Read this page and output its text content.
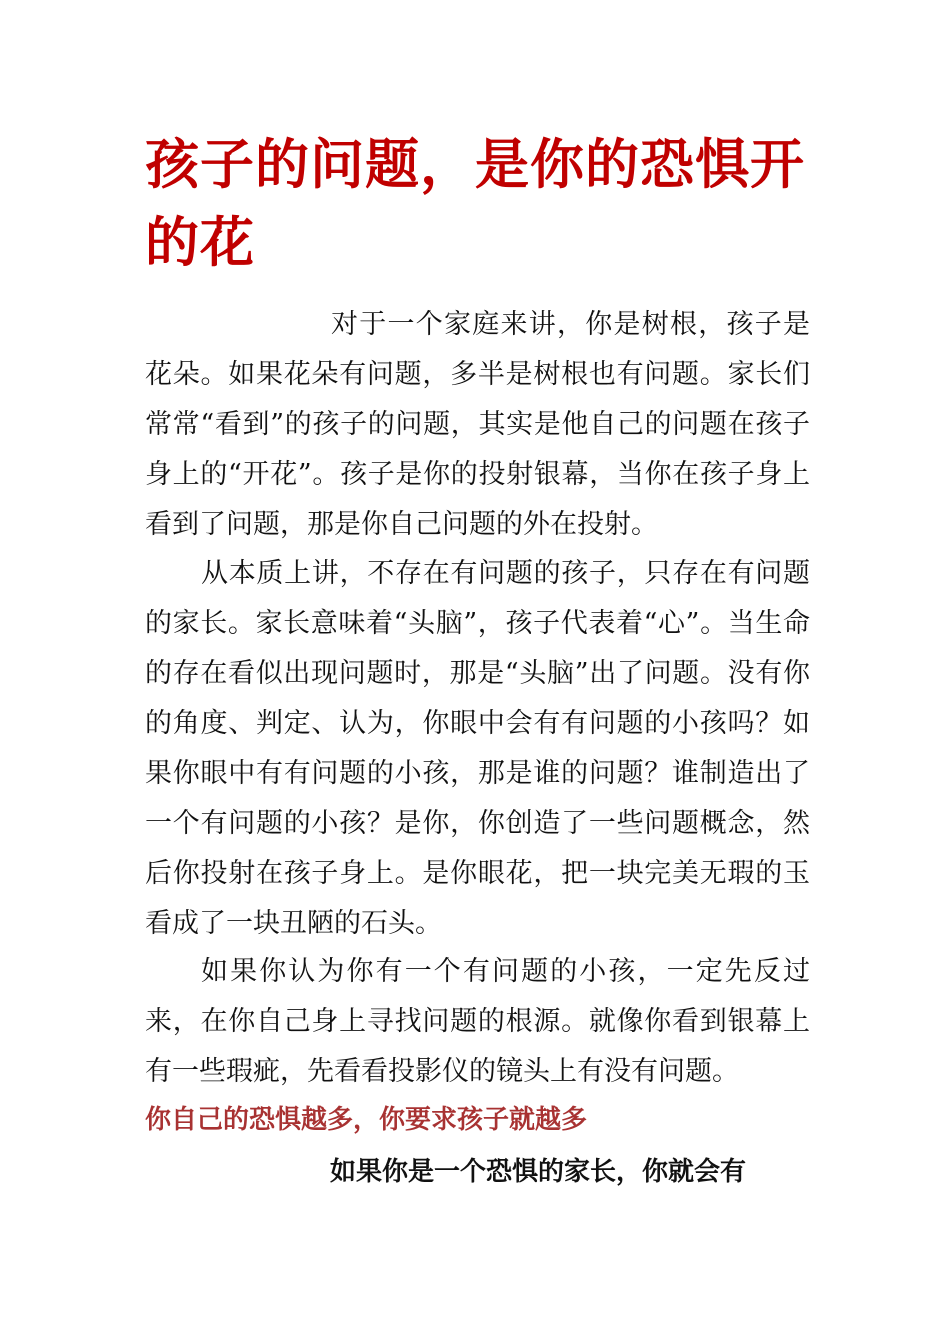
孩子的问题，是你的恐惧开的花

对于一个家庭来讲，你是树根，孩子是花朵。如果花朵有问题，多半是树根也有问题。家长们常常“看到”的孩子的问题，其实是他自己的问题在孩子身上的“开花”。孩子是你的投射银幕，当你在孩子身上看到了问题，那是你自己问题的外在投射。

从本质上讲，不存在有问题的孩子，只存在有问题的家长。家长意味着“头脑”，孩子代表着“心”。当生命的存在看似出现问题时，那是“头脑”出了问题。没有你的角度、判定、认为，你眼中会有有问题的小孩吗？如果你眼中有有问题的小孩，那是谁的问题？谁制造出了一个有问题的小孩？是你，你创造了一些问题概念，然后你投射在孩子身上。是你眼花，把一块完美无瑕的玉看成了一块丑陋的石头。

如果你认为你有一个有问题的小孩，一定先反过来，在你自己身上寻找问题的根源。就像你看到银幕上有一些瑕疵，先看看投影仪的镜头上有没有问题。

你自己的恐惧越多，你要求孩子就越多

如果你是一个恐惧的家长，你就会有
